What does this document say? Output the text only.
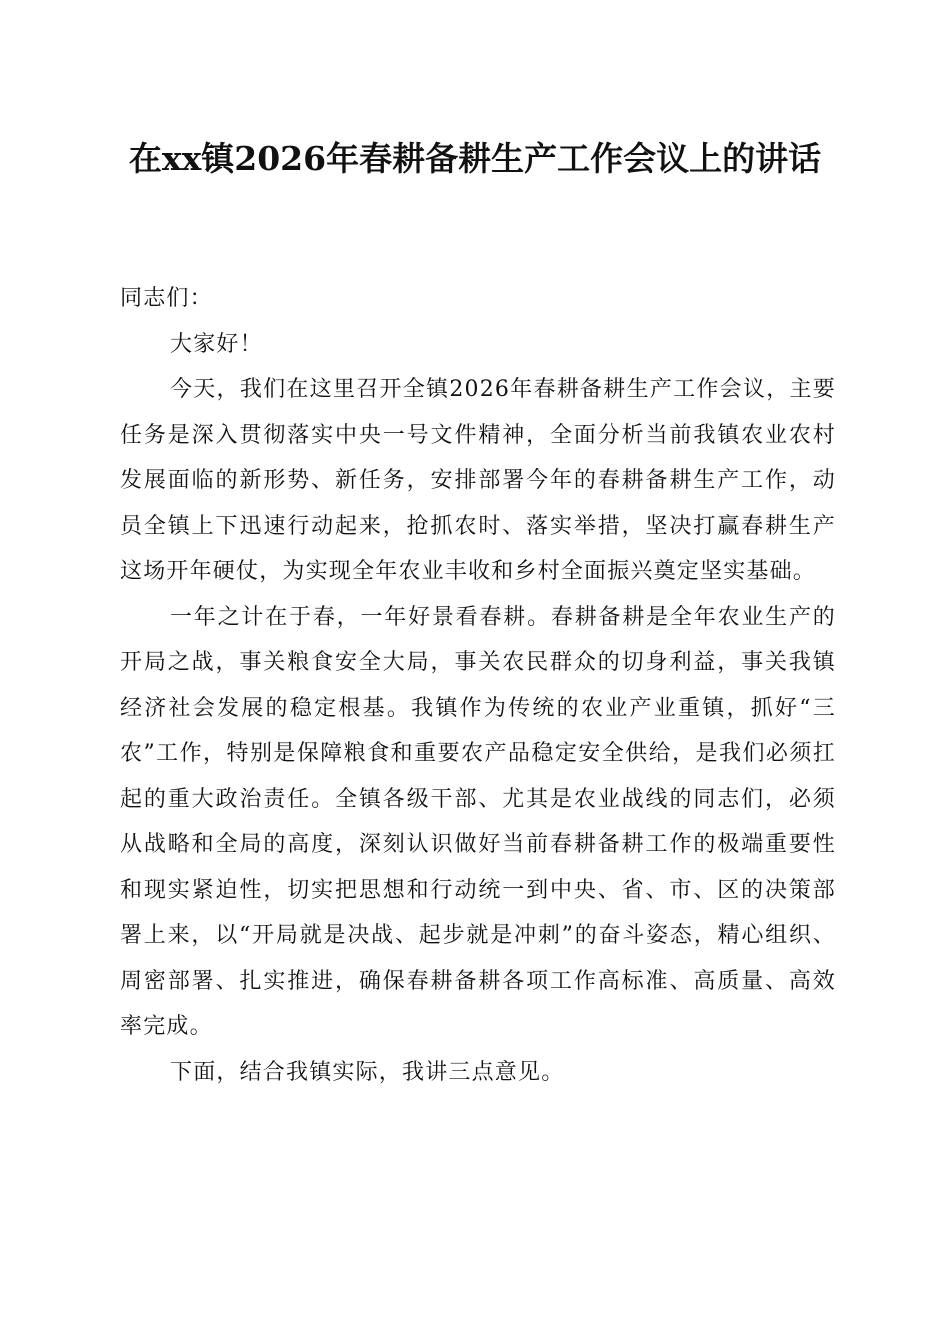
在xx镇2026年春耕备耕生产工作会议上的讲话

同志们：

大家好！

今天，我们在这里召开全镇2026年春耕备耕生产工作会议，主要任务是深入贯彻落实中央一号文件精神，全面分析当前我镇农业农村发展面临的新形势、新任务，安排部署今年的春耕备耕生产工作，动员全镇上下迅速行动起来，抢抓农时、落实举措，坚决打赢春耕生产这场开年硬仗，为实现全年农业丰收和乡村全面振兴奠定坚实基础。

一年之计在于春，一年好景看春耕。春耕备耕是全年农业生产的开局之战，事关粮食安全大局，事关农民群众的切身利益，事关我镇经济社会发展的稳定根基。我镇作为传统的农业产业重镇，抓好“三农”工作，特别是保障粮食和重要农产品稳定安全供给，是我们必须扛起的重大政治责任。全镇各级干部、尤其是农业战线的同志们，必须从战略和全局的高度，深刻认识做好当前春耕备耕工作的极端重要性和现实紧迫性，切实把思想和行动统一到中央、省、市、区的决策部署上来，以“开局就是决战、起步就是冲刺”的奋斗姿态，精心组织、周密部署、扎实推进，确保春耕备耕各项工作高标准、高质量、高效率完成。

下面，结合我镇实际，我讲三点意见。
